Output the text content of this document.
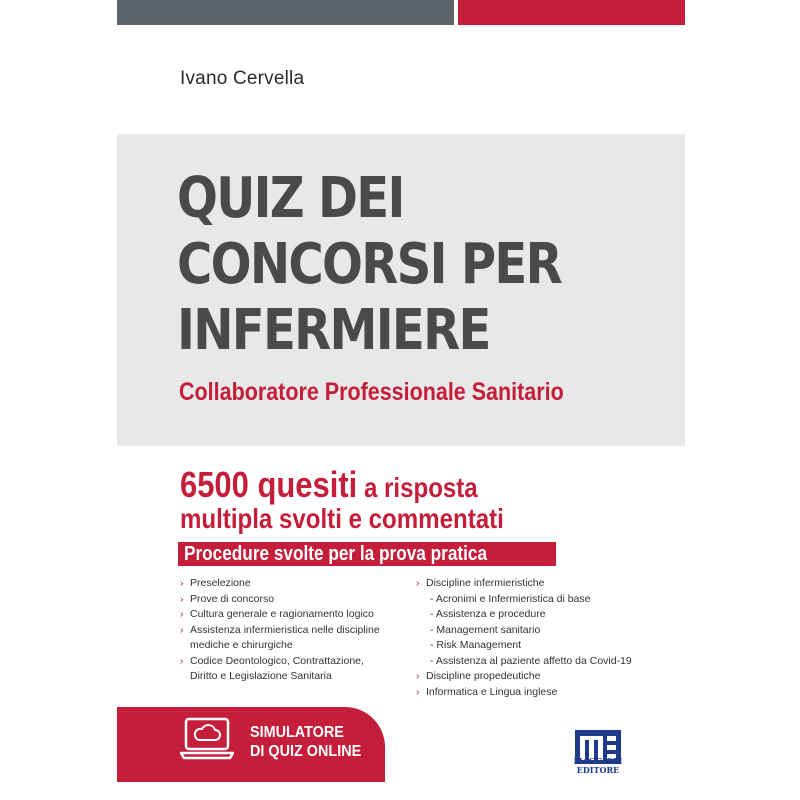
Ivano Cervella
QUIZ DEI
CONCORSI PER
INFERMIERE
Collaboratore Professionale Sanitario
6500 quesiti a risposta
multipla svolti e commentati
Procedure svolte per la prova pratica
› Preselezione
› Prove di concorso
› Cultura generale e ragionamento logico
› Assistenza infermieristica nelle discipline
mediche e chirurgiche
› Codice Deontologico, Contrattazione,
Diritto e Legislazione Sanitaria
› Discipline infermieristiche
- Acronimi e Infermieristica di base
- Assistenza e procedure
- Management sanitario
- Risk Management
- Assistenza al paziente affetto da Covid-19
› Discipline propedeutiche
› Informatica e Lingua inglese
SIMULATORE
DI QUIZ ONLINE
MAGGIOLI
EDITORE
